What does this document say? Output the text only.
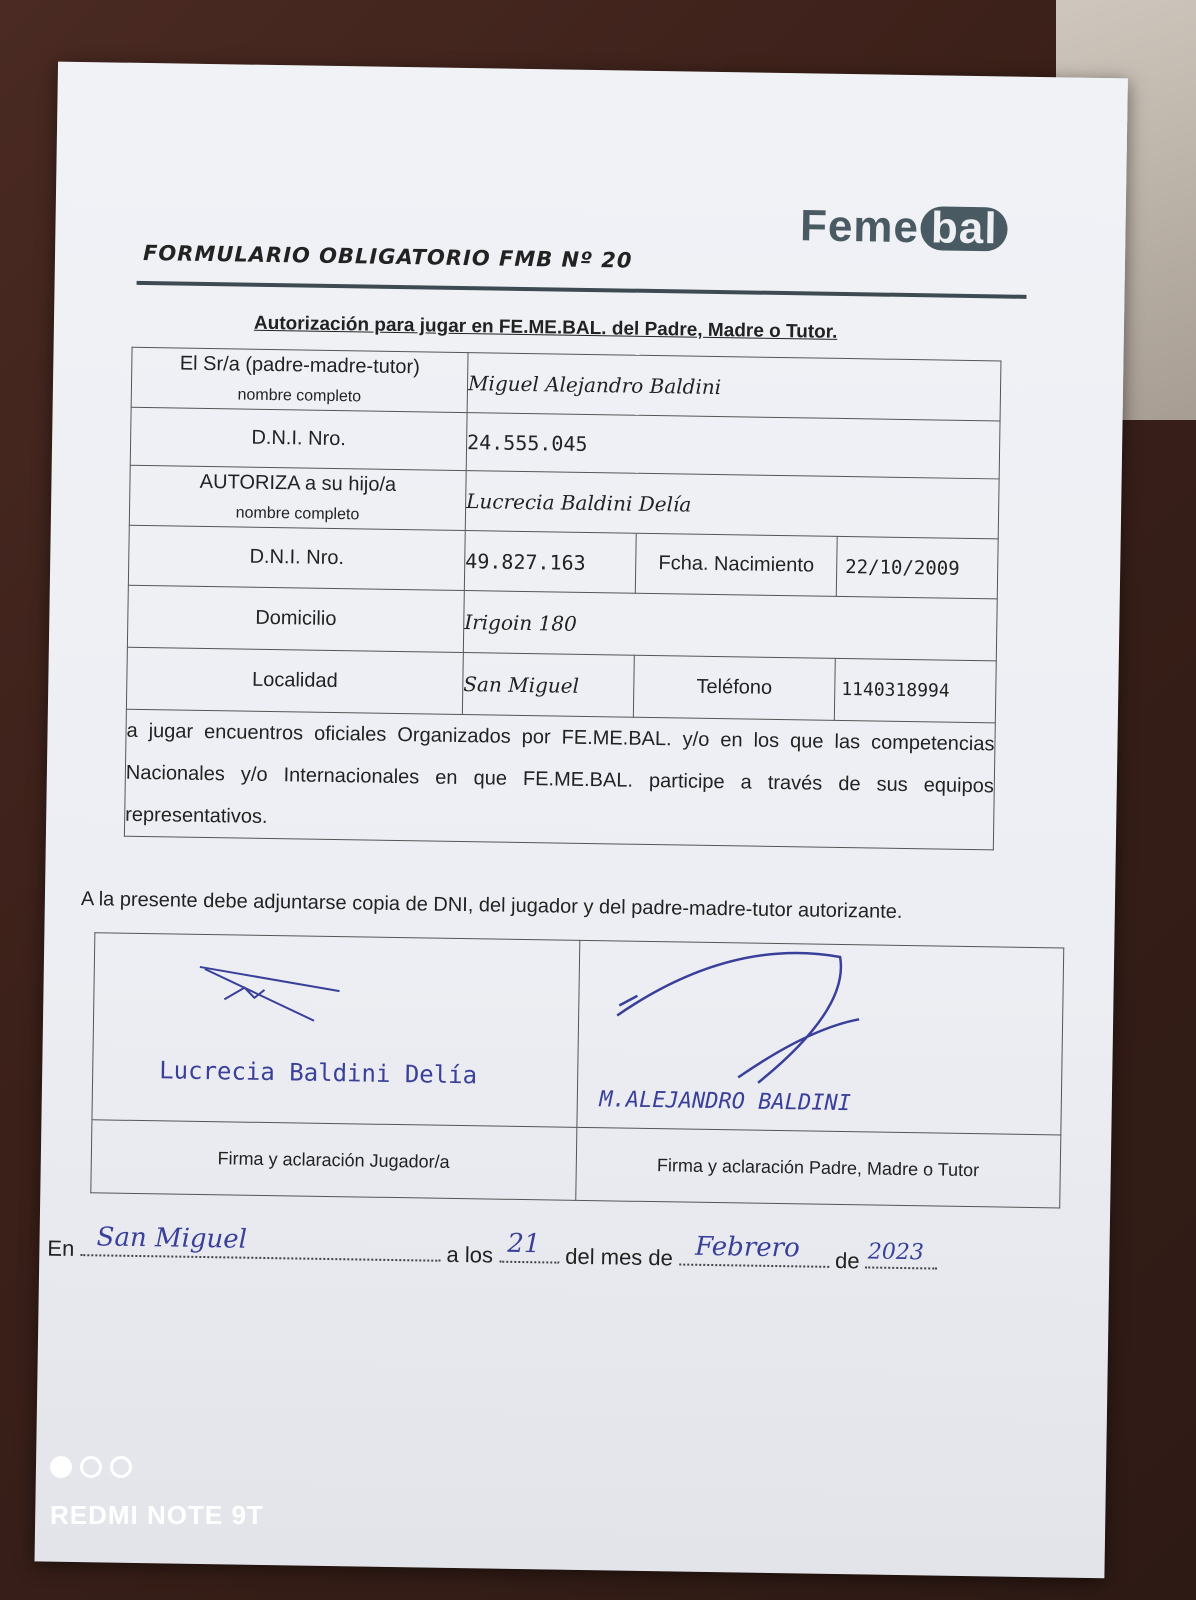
Feme bal
FORMULARIO OBLIGATORIO FMB Nº 20
Autorización para jugar en FE.ME.BAL. del Padre, Madre o Tutor.
El Sr/a (padre-madre-tutor)
nombre completo	Miguel Alejandro Baldini		
D.N.I. Nro.	24.555.045		

AUTORIZA a su hijo/a
nombre completo	Lucrecia Baldini Delía		
D.N.I. Nro.	49.827.163	Fcha. Nacimiento	22/10/2009
Domicilio	Irigoin 180		
Localidad	San Miguel	Teléfono	1140318994
a jugar encuentros oficiales Organizados por FE.ME.BAL. y/o en los que las competencias Nacionales y/o Internacionales en que FE.ME.BAL. participe a través de sus equipos representativos.			
A la presente debe adjuntarse copia de DNI, del jugador y del padre-madre-tutor autorizante.
Lucrecia Baldini Delía	M.ALEJANDRO BALDINI

Firma y aclaración Jugador/a	Firma y aclaración Padre, Madre o Tutor
En San Miguel
a los 21 del mes de Febrero de 2023
REDMI NOTE 9T
